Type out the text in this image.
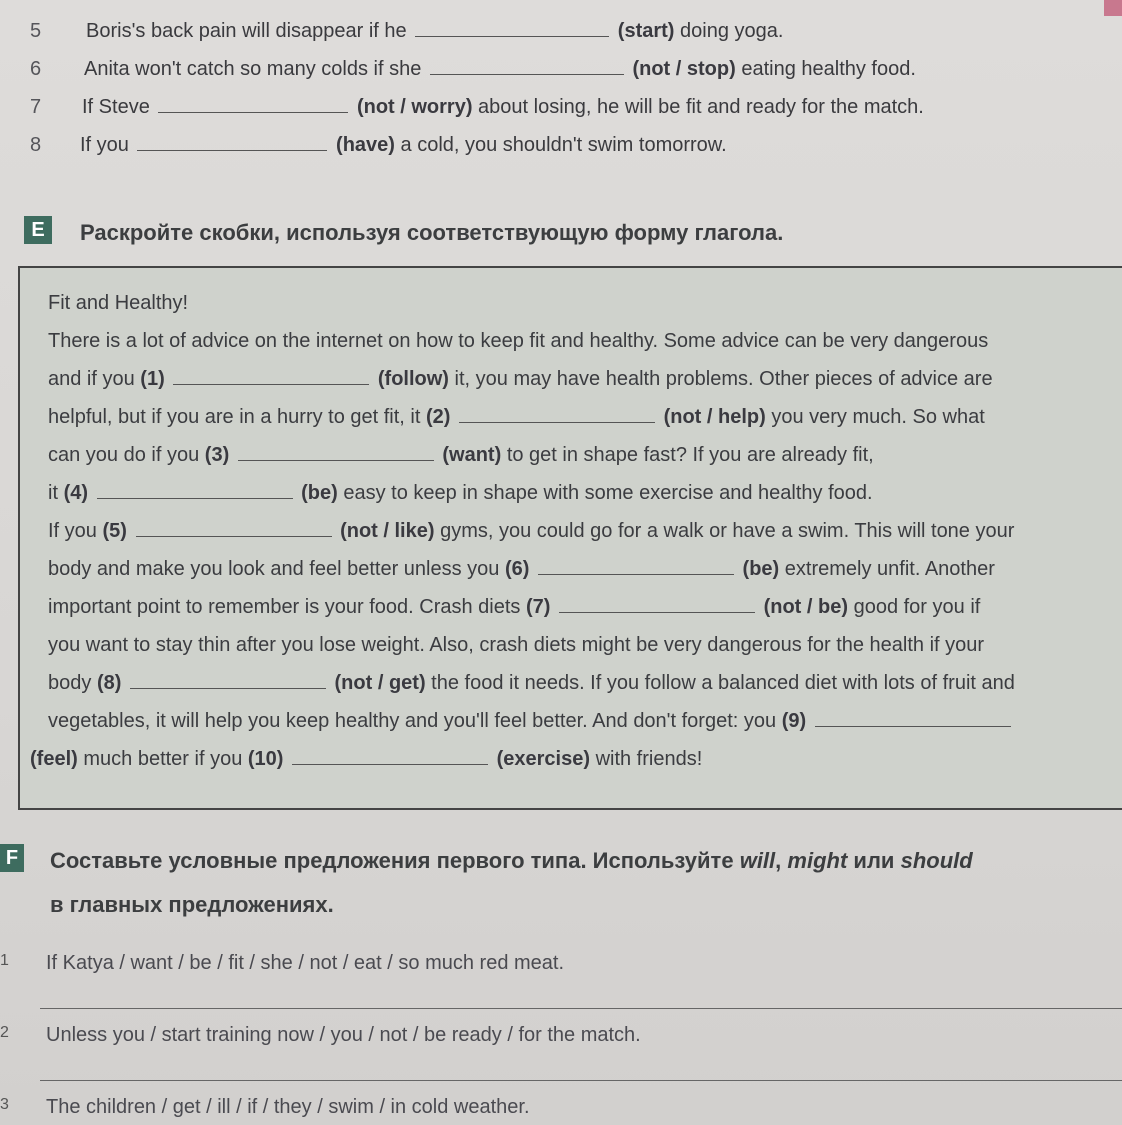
5	Boris's back pain will disappear if he	(start) doing yoga.
6	Anita won't catch so many colds if she	(not / stop) eating healthy food.
7	If Steve	(not / worry) about losing, he will be fit and ready for the match.
8	If you	(have) a cold, you shouldn't swim tomorrow.
E	Раскройте скобки, используя соответствующую форму глагола.
Fit and Healthy!
There is a lot of advice on the internet on how to keep fit and healthy. Some advice can be very dangerous
and if you (1)	(follow) it, you may have health problems. Other pieces of advice are
helpful, but if you are in a hurry to get fit, it (2)	(not / help) you very much. So what
can you do if you (3)	(want) to get in shape fast? If you are already fit,
it (4)	(be) easy to keep in shape with some exercise and healthy food.
If you (5)	(not / like) gyms, you could go for a walk or have a swim. This will tone your
body and make you look and feel better unless you (6)	(be) extremely unfit. Another
important point to remember is your food. Crash diets (7)	(not / be) good for you if
you want to stay thin after you lose weight. Also, crash diets might be very dangerous for the health if your
body (8)	(not / get) the food it needs. If you follow a balanced diet with lots of fruit and
vegetables, it will help you keep healthy and you'll feel better. And don't forget: you (9)
(feel) much better if you (10)	(exercise) with friends!
F Составьте условные предложения первого типа. Используйте will, might или should
в главных предложениях.
1 If Katya / want / be / fit / she / not / eat / so much red meat.
2 Unless you / start training now / you / not / be ready / for the match.
3 The children / get / ill / if / they / swim / in cold weather.
